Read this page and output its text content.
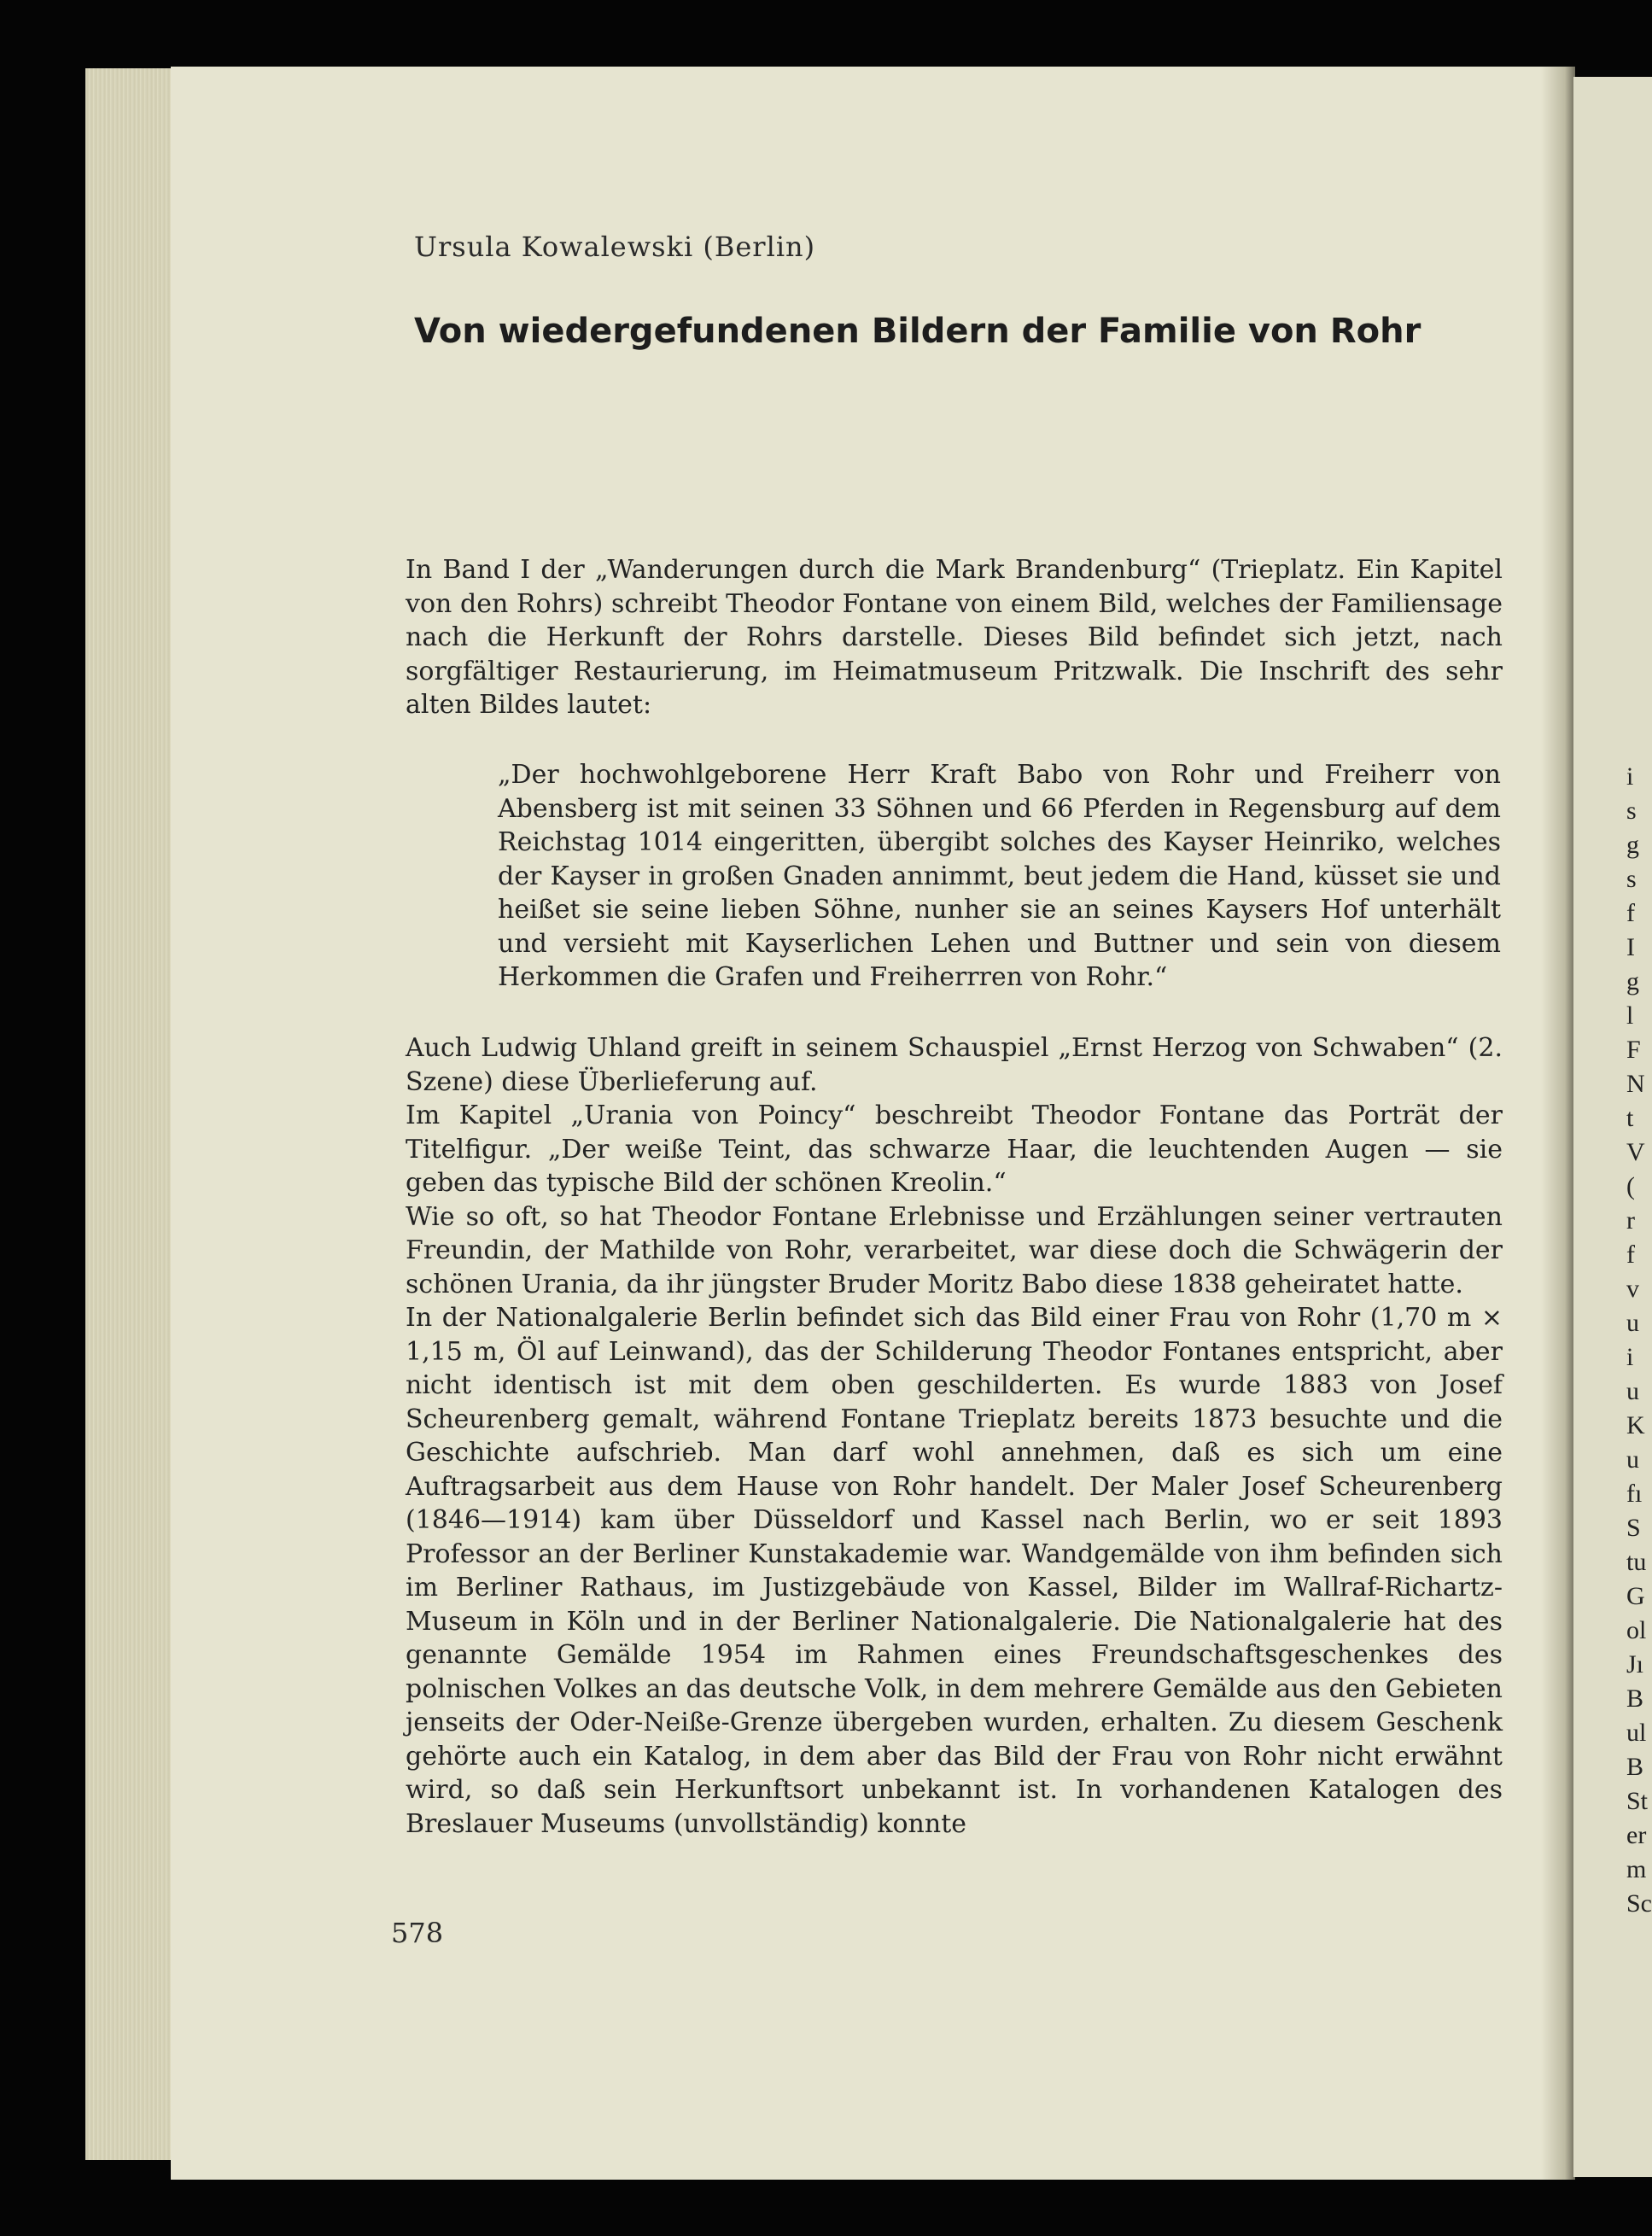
i
s
g
s
f
I
g
l
F
N
t
V
(
r
f
v
u
i
u
K
u
fı
S
tu
G
ol
Jı
B
ul
B
St
er
m
Sc
Ursula Kowalewski (Berlin)
Von wiedergefundenen Bildern der Familie von Rohr

In Band I der „Wanderungen durch die Mark Brandenburg“ (Trieplatz. Ein Kapitel von den Rohrs) schreibt Theodor Fontane von einem Bild, welches der Familiensage nach die Herkunft der Rohrs darstelle. Dieses Bild befindet sich jetzt, nach sorgfältiger Restaurierung, im Heimatmuseum Pritzwalk. Die Inschrift des sehr alten Bildes lautet:

„Der hochwohlgeborene Herr Kraft Babo von Rohr und Freiherr von Abensberg ist mit seinen 33 Söhnen und 66 Pferden in Regensburg auf dem Reichstag 1014 eingeritten, übergibt solches des Kayser Heinriko, welches der Kayser in großen Gnaden annimmt, beut jedem die Hand, küsset sie und heißet sie seine lieben Söhne, nunher sie an seines Kaysers Hof unterhält und versieht mit Kayserlichen Lehen und Buttner und sein von diesem Herkommen die Grafen und Freiherrren von Rohr.“

Auch Ludwig Uhland greift in seinem Schauspiel „Ernst Herzog von Schwaben“ (2. Szene) diese Überlieferung auf.

Im Kapitel „Urania von Poincy“ beschreibt Theodor Fontane das Porträt der Titelfigur. „Der weiße Teint, das schwarze Haar, die leuchtenden Augen — sie geben das typische Bild der schönen Kreolin.“

Wie so oft, so hat Theodor Fontane Erlebnisse und Erzählungen seiner vertrauten Freundin, der Mathilde von Rohr, verarbeitet, war diese doch die Schwägerin der schönen Urania, da ihr jüngster Bruder Moritz Babo diese 1838 geheiratet hatte.

In der Nationalgalerie Berlin befindet sich das Bild einer Frau von Rohr (1,70 m × 1,15 m, Öl auf Leinwand), das der Schilderung Theodor Fontanes entspricht, aber nicht identisch ist mit dem oben geschilderten. Es wurde 1883 von Josef Scheurenberg gemalt, während Fontane Trieplatz bereits 1873 besuchte und die Geschichte aufschrieb. Man darf wohl annehmen, daß es sich um eine Auftragsarbeit aus dem Hause von Rohr handelt. Der Maler Josef Scheurenberg (1846—1914) kam über Düsseldorf und Kassel nach Berlin, wo er seit 1893 Professor an der Berliner Kunstakademie war. Wandgemälde von ihm befinden sich im Berliner Rathaus, im Justizgebäude von Kassel, Bilder im Wallraf-Richartz-Museum in Köln und in der Berliner Nationalgalerie. Die Nationalgalerie hat des genannte Gemälde 1954 im Rahmen eines Freundschaftsgeschenkes des polnischen Volkes an das deutsche Volk, in dem mehrere Gemälde aus den Gebieten jenseits der Oder-Neiße-Grenze übergeben wurden, erhalten. Zu diesem Geschenk gehörte auch ein Katalog, in dem aber das Bild der Frau von Rohr nicht erwähnt wird, so daß sein Herkunftsort unbekannt ist. In vorhandenen Katalogen des Breslauer Museums (unvollständig) konnte

578
